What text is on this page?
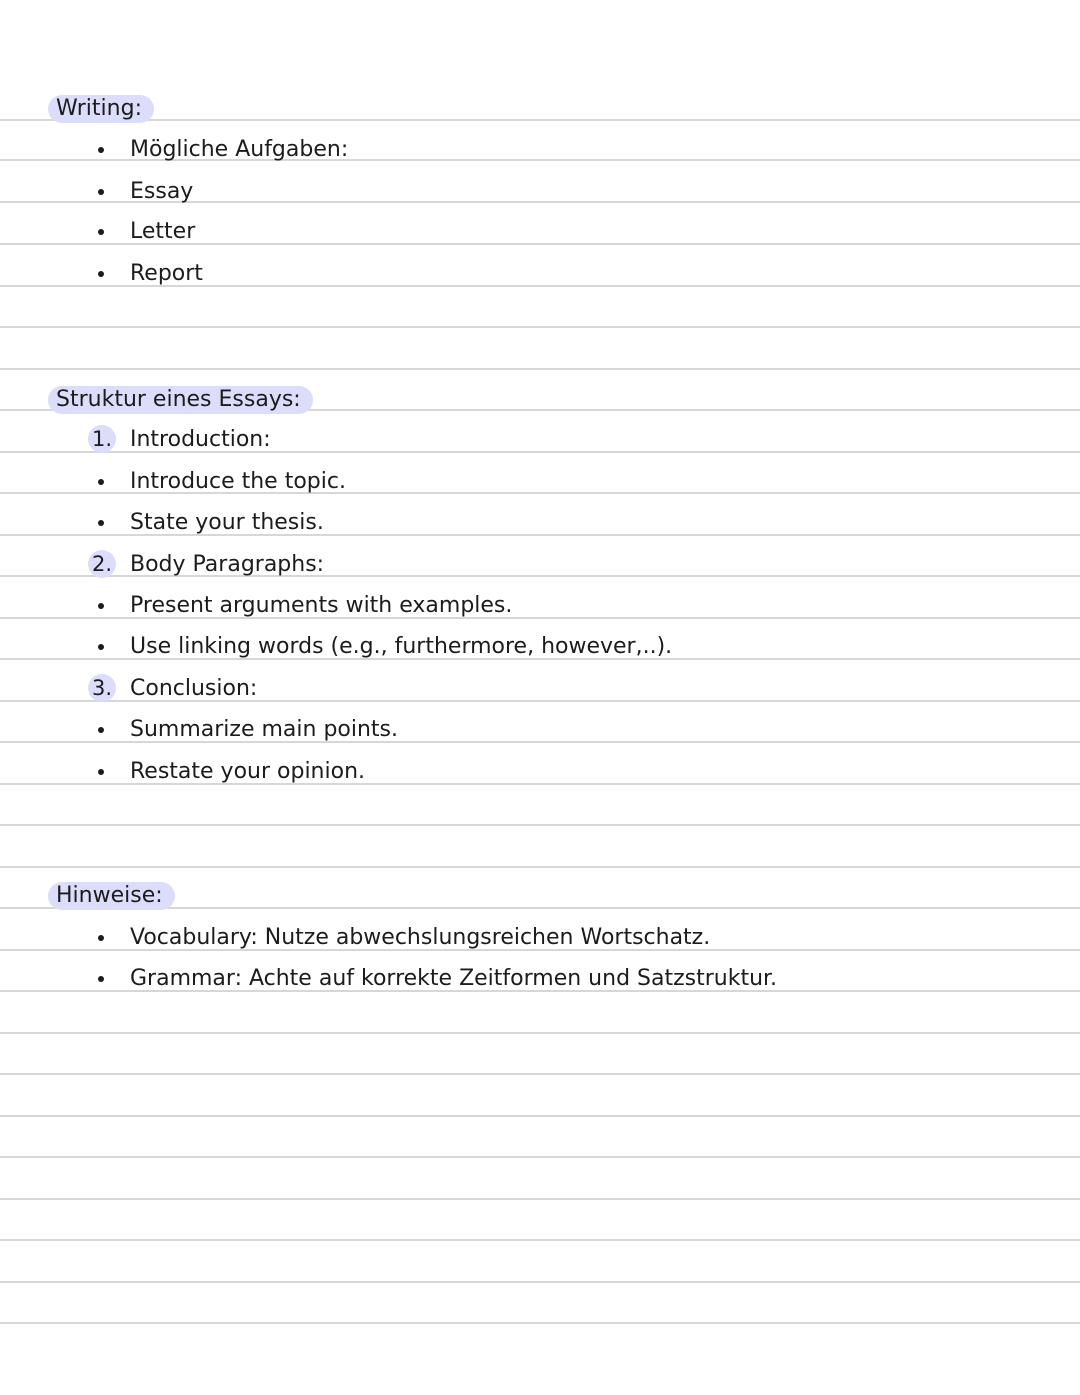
Writing:
Mögliche Aufgaben:
Essay
Letter
Report
Struktur eines Essays:
1. Introduction:
Introduce the topic.
State your thesis.
2. Body Paragraphs:
Present arguments with examples.
Use linking words (e.g., furthermore, however,..).
3. Conclusion:
Summarize main points.
Restate your opinion.
Hinweise:
Vocabulary: Nutze abwechslungsreichen Wortschatz.
Grammar: Achte auf korrekte Zeitformen und Satzstruktur.
